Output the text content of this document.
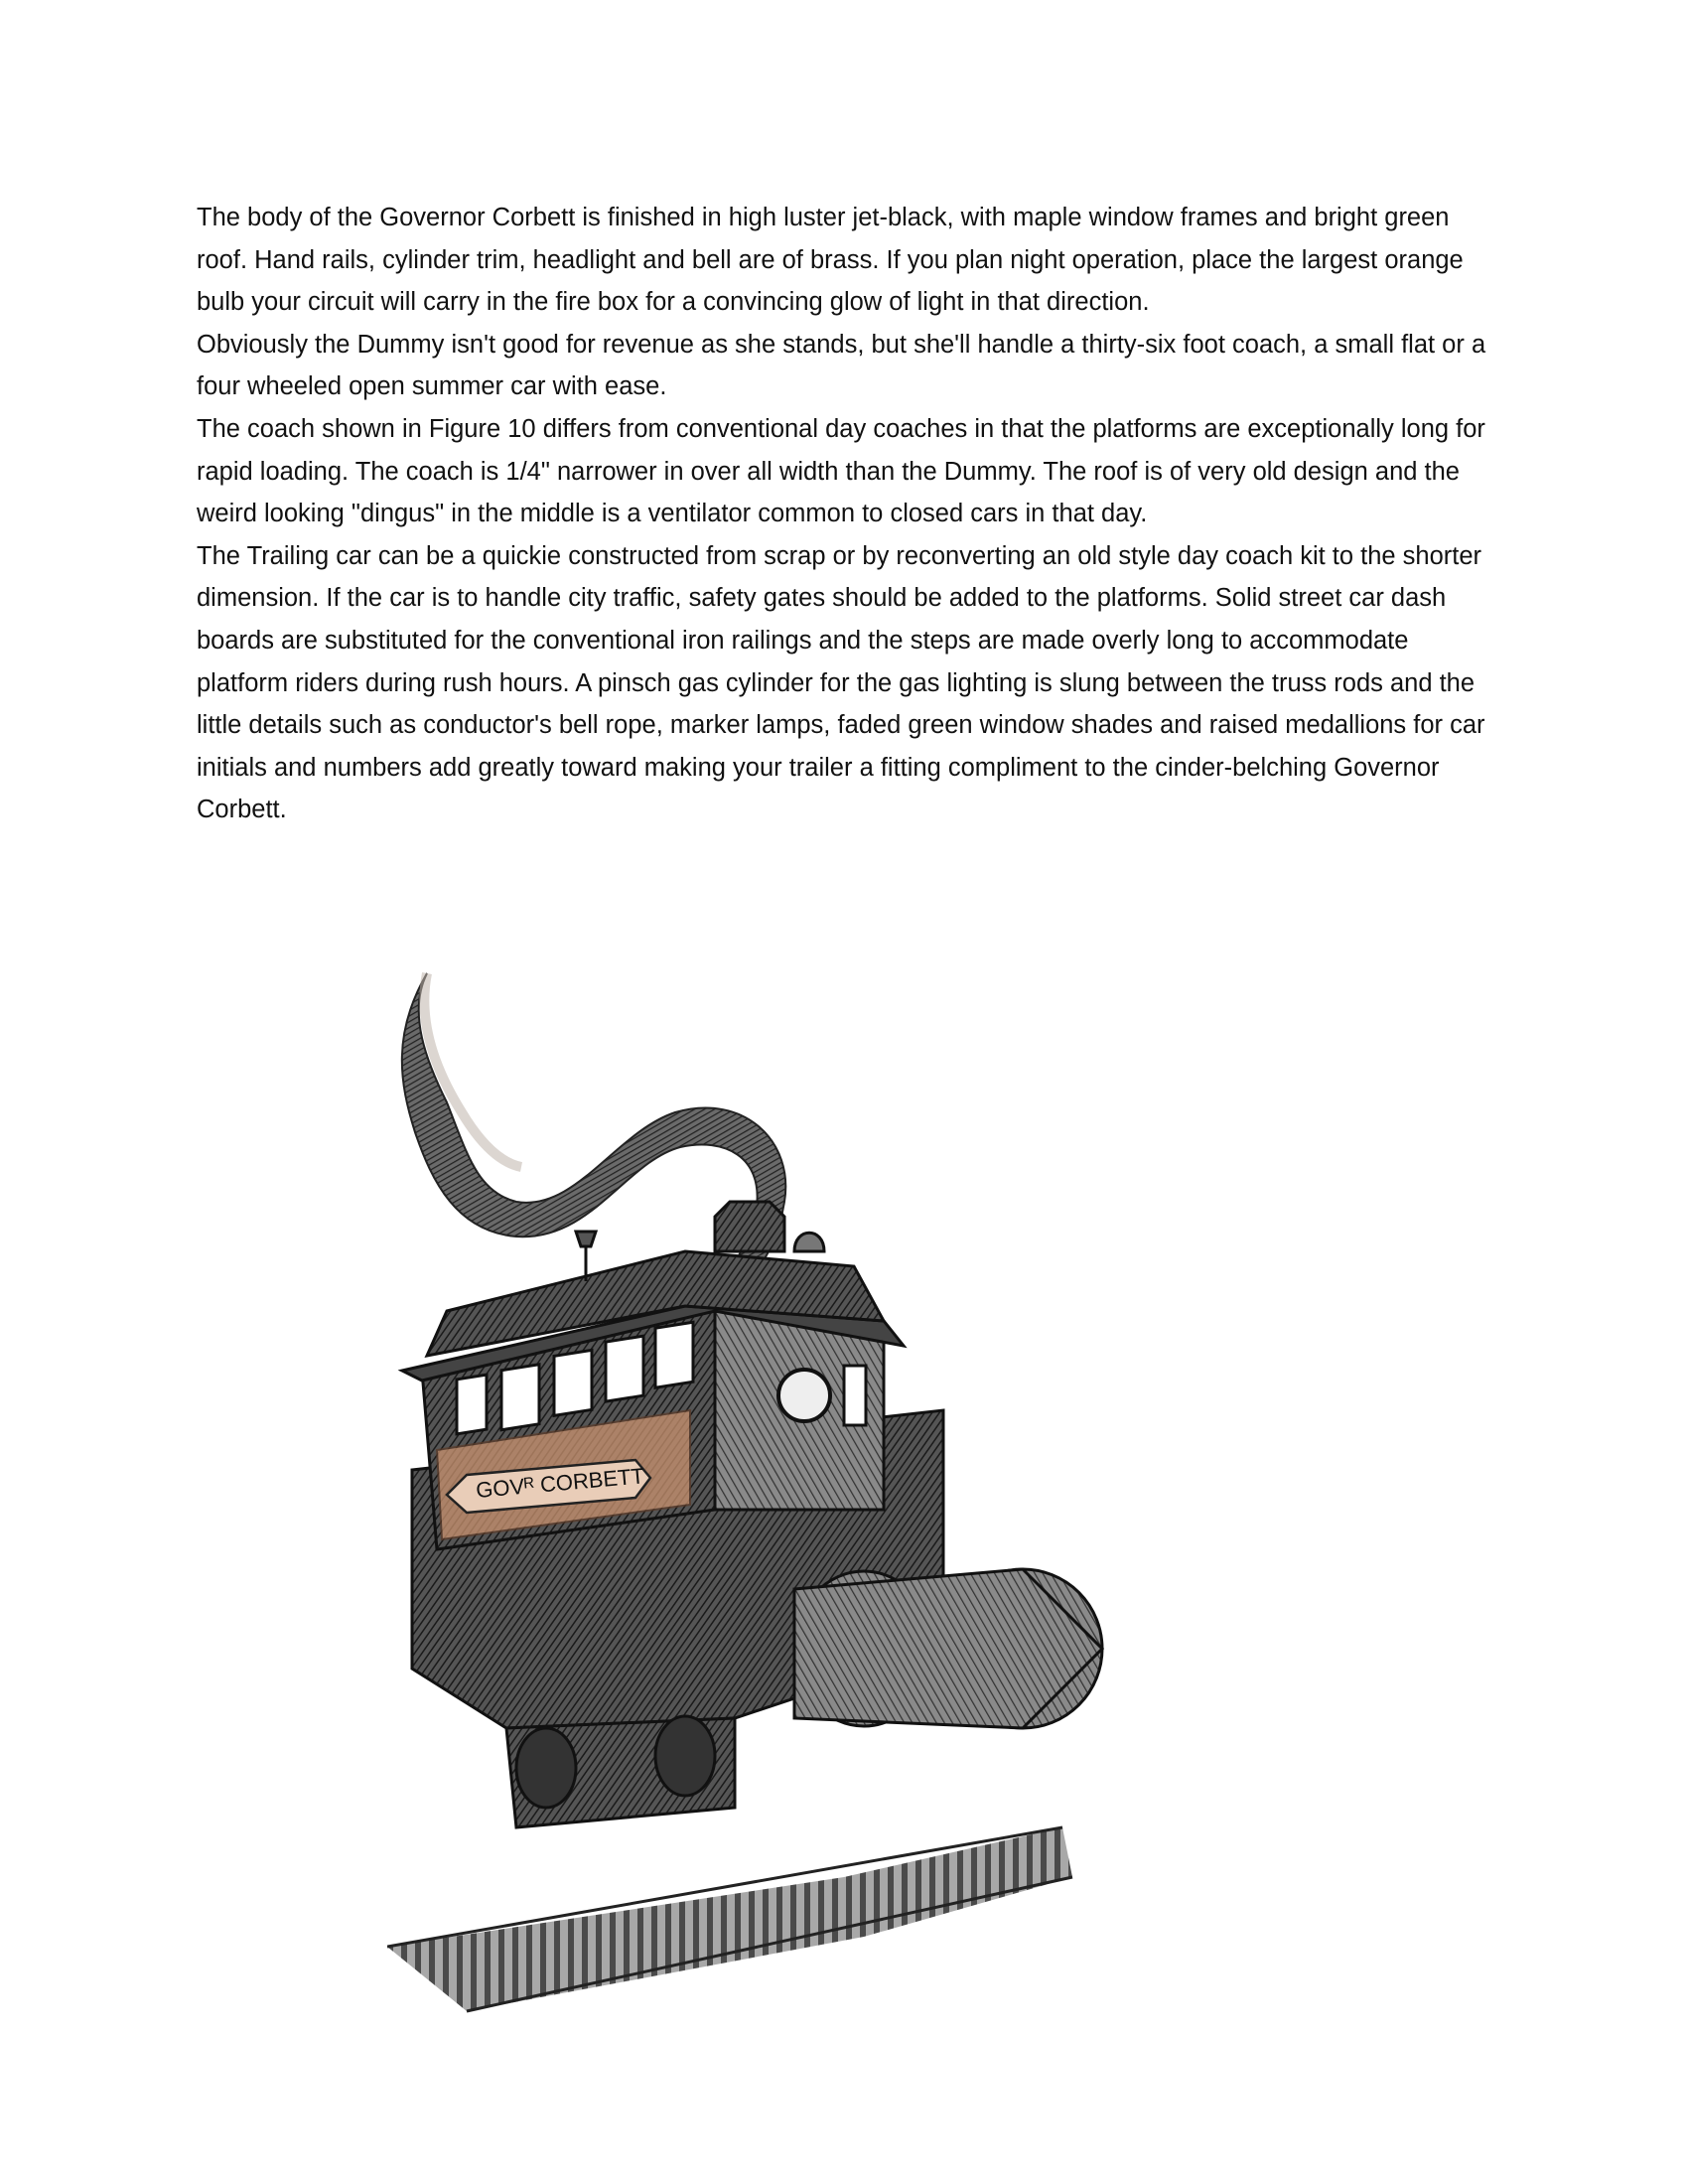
The body of the Governor Corbett is finished in high luster jet-black, with maple window frames and bright green roof. Hand rails, cylinder trim, headlight and bell are of brass. If you plan night operation, place the largest orange bulb your circuit will carry in the fire box for a convincing glow of light in that direction.

Obviously the Dummy isn't good for revenue as she stands, but she'll handle a thirty-six foot coach, a small flat or a four wheeled open summer car with ease.

The coach shown in Figure 10 differs from conventional day coaches in that the platforms are exceptionally long for rapid loading. The coach is 1/4" narrower in over all width than the Dummy. The roof is of very old design and the weird looking "dingus" in the middle is a ventilator common to closed cars in that day.

The Trailing car can be a quickie constructed from scrap or by reconverting an old style day coach kit to the shorter dimension. If the car is to handle city traffic, safety gates should be added to the platforms. Solid street car dash boards are substituted for the conventional iron railings and the steps are made overly long to accommodate platform riders during rush hours. A pinsch gas cylinder for the gas lighting is slung between the truss rods and the little details such as conductor's bell rope, marker lamps, faded green window shades and raised medallions for car initials and numbers add greatly toward making your trailer a fitting compliment to the cinder-belching Governor Corbett.

GOVᴿ CORBETT
